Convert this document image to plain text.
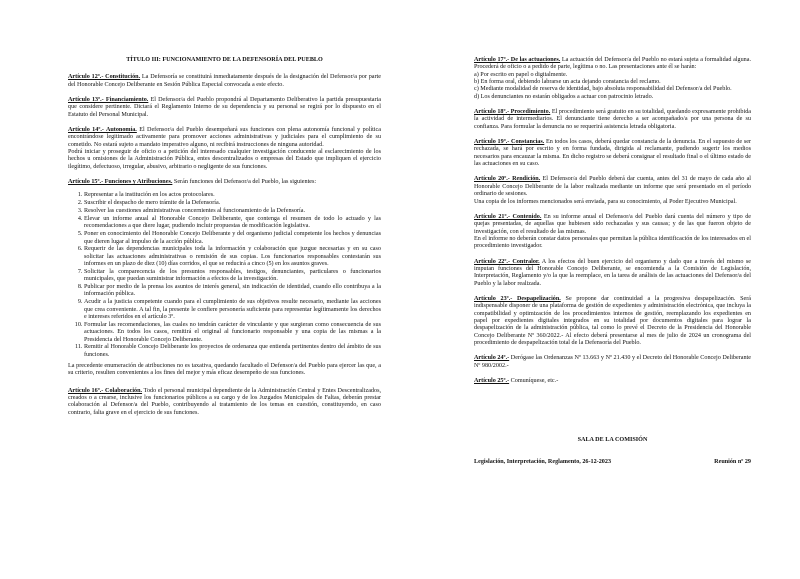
TÍTULO III: FUNCIONAMIENTO DE LA DEFENSORÍA DEL PUEBLO

Artículo 12º.- Constitución. La Defensoría se constituirá inmediatamente después de la designación del Defensor/a por parte del Honorable Concejo Deliberante en Sesión Pública Especial convocada a este efecto.

Artículo 13º.- Financiamiento. El Defensor/a del Pueblo propondrá al Departamento Deliberativo la partida presupuestaria que considere pertinente. Dictará el Reglamento Interno de su dependencia y su personal se regirá por lo dispuesto en el Estatuto del Personal Municipal.

Artículo 14º.- Autonomía. El Defensor/a del Pueblo desempeñará sus funciones con plena autonomía funcional y política encontrándose legitimado activamente para promover acciones administrativas y judiciales para el cumplimiento de su cometido. No estará sujeto a mandato imperativo alguno, ni recibirá instrucciones de ninguna autoridad.

Podrá iniciar y proseguir de oficio o a petición del interesado cualquier investigación conducente al esclarecimiento de los hechos u omisiones de la Administración Pública, entes descentralizados o empresas del Estado que impliquen el ejercicio ilegítimo, defectuoso, irregular, abusivo, arbitrario o negligente de sus funciones.

Artículo 15º.- Funciones y Atribuciones. Serán funciones del Defensor/a del Pueblo, las siguientes:

1. Representar a la institución en los actos protocolares.
2. Suscribir el despacho de mero trámite de la Defensoría.
3. Resolver las cuestiones administrativas concernientes al funcionamiento de la Defensoría.
4. Elevar un informe anual al Honorable Concejo Deliberante, que contenga el resumen de todo lo actuado y las recomendaciones a que diere lugar, pudiendo incluir propuestas de modificación legislativa.
5. Poner en conocimiento del Honorable Concejo Deliberante y del organismo judicial competente los hechos y denuncias que dieren lugar al impulso de la acción pública.
6. Requerir de las dependencias municipales toda la información y colaboración que juzgue necesarias y en su caso solicitar las actuaciones administrativas o remisión de sus copias. Los funcionarios responsables contestarán sus informes en un plazo de diez (10) días corridos, el que se reducirá a cinco (5) en los asuntos graves.
7. Solicitar la comparecencia de los presuntos responsables, testigos, denunciantes, particulares o funcionarios municipales, que puedan suministrar información a efectos de la investigación.
8. Publicar por medio de la prensa los asuntos de interés general, sin indicación de identidad, cuando ello contribuya a la información pública.
9. Acudir a la justicia competente cuando para el cumplimiento de sus objetivos resulte necesario, mediante las acciones que crea conveniente. A tal fin, la presente le confiere personería suficiente para representar legítimamente los derechos e intereses referidos en el artículo 3º.
10. Formular las recomendaciones, las cuales no tendrán carácter de vinculante y que surgieran como consecuencia de sus actuaciones. En todos los casos, remitirá el original al funcionario responsable y una copia de las mismas a la Presidencia del Honorable Concejo Deliberante.
11. Remitir al Honorable Concejo Deliberante los proyectos de ordenanza que entienda pertinentes dentro del ámbito de sus funciones.

La precedente enumeración de atribuciones no es taxativa, quedando facultado el Defensor/a del Pueblo para ejercer las que, a su criterio, resulten convenientes a los fines del mejor y más eficaz desempeño de sus funciones.

Artículo 16º.- Colaboración. Todo el personal municipal dependiente de la Administración Central y Entes Descentralizados, creados o a crearse, inclusive los funcionarios públicos a su cargo y de los Juzgados Municipales de Faltas, deberán prestar colaboración al Defensor/a del Pueblo, contribuyendo al tratamiento de los temas en cuestión, constituyendo, en caso contrario, falta grave en el ejercicio de sus funciones.

Artículo 17º.- De las actuaciones. La actuación del Defensor/a del Pueblo no estará sujeta a formalidad alguna. Procederá de oficio o a pedido de parte, legítima o no. Las presentaciones ante él se harán:

a) Por escrito en papel o digitalmente.

b) En forma oral, debiendo labrarse un acta dejando constancia del reclamo.

c) Mediante modalidad de reserva de identidad, bajo absoluta responsabilidad del Defensor/a del Pueblo.

d) Los denunciantes no estarán obligados a actuar con patrocinio letrado.

Artículo 18º.- Procedimiento. El procedimiento será gratuito en su totalidad, quedando expresamente prohibida la actividad de intermediarios. El denunciante tiene derecho a ser acompañado/a por una persona de su confianza. Para formular la denuncia no se requerirá asistencia letrada obligatoria.

Artículo 19º.- Constancias. En todos los casos, deberá quedar constancia de la denuncia. En el supuesto de ser rechazada, se hará por escrito y en forma fundada, dirigida al reclamante, pudiendo sugerir los medios necesarios para encauzar la misma. En dicho registro se deberá consignar el resultado final o el último estado de las actuaciones en su caso.

Artículo 20º.- Rendición. El Defensor/a del Pueblo deberá dar cuenta, antes del 31 de mayo de cada año al Honorable Concejo Deliberante de la labor realizada mediante un informe que será presentado en el período ordinario de sesiones.

Una copia de los informes mencionados será enviada, para su conocimiento, al Poder Ejecutivo Municipal.

Artículo 21º.- Contenido. En su informe anual el Defensor/a del Pueblo dará cuenta del número y tipo de quejas presentadas, de aquellas que hubiesen sido rechazadas y sus causas; y de las que fueron objeto de investigación, con el resultado de las mismas.

En el informe no deberán constar datos personales que permitan la pública identificación de los interesados en el procedimiento investigador.

Artículo 22º.- Contralor. A los efectos del buen ejercicio del organismo y dado que a través del mismo se imputan funciones del Honorable Concejo Deliberante, se encomienda a la Comisión de Legislación, Interpretación, Reglamento y/o la que la reemplace, en la tarea de análisis de las actuaciones del Defensor/a del Pueblo y la labor realizada.

Artículo 23º.- Despapelización. Se propone dar continuidad a la progresiva despapelización. Será indispensable disponer de una plataforma de gestión de expedientes y administración electrónica, que incluya la compatibilidad y optimización de los procedimientos internos de gestión, reemplazando los expedientes en papel por expedientes digitales integrados en su totalidad por documentos digitales para lograr la despapelización de la administración pública, tal como lo prevé el Decreto de la Presidencia del Honorable Concejo Deliberante Nº 360/2022.- Al efecto deberá presentarse al mes de julio de 2024 un cronograma del procedimiento de despapelización total de la Defensoría del Pueblo.

Artículo 24º.- Derógase las Ordenanzas Nº 13.663 y Nº 21.430 y el Decreto del Honorable Concejo Deliberante Nº 980/2002.-

Artículo 25º.- Comuníquese, etc.-

SALA DE LA COMISIÓN
Legislación, Interpretación, Reglamento, 26-12-2023	Reunión nº 29
